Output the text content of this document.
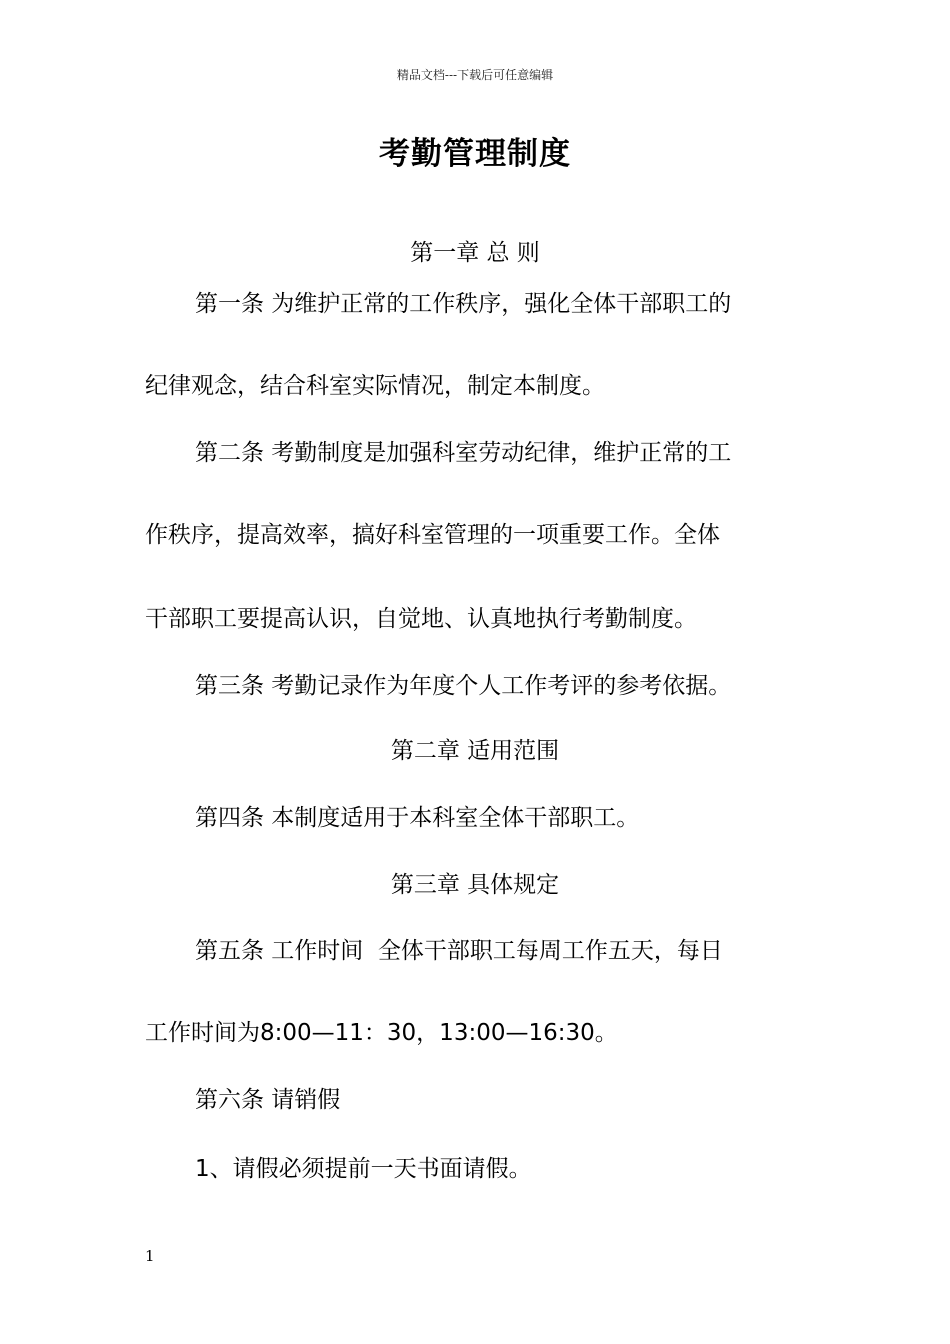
精品文档---下载后可任意编辑
考勤管理制度
第一章 总 则
第一条 为维护正常的工作秩序，强化全体干部职工的
纪律观念，结合科室实际情况，制定本制度。
第二条 考勤制度是加强科室劳动纪律，维护正常的工
作秩序，提高效率，搞好科室管理的一项重要工作。全体
干部职工要提高认识，自觉地、认真地执行考勤制度。
第三条 考勤记录作为年度个人工作考评的参考依据。
第二章 适用范围
第四条 本制度适用于本科室全体干部职工。
第三章 具体规定
第五条 工作时间  全体干部职工每周工作五天，每日
工作时间为8:00—11：30，13:00—16:30。
第六条 请销假
1、请假必须提前一天书面请假。
1
